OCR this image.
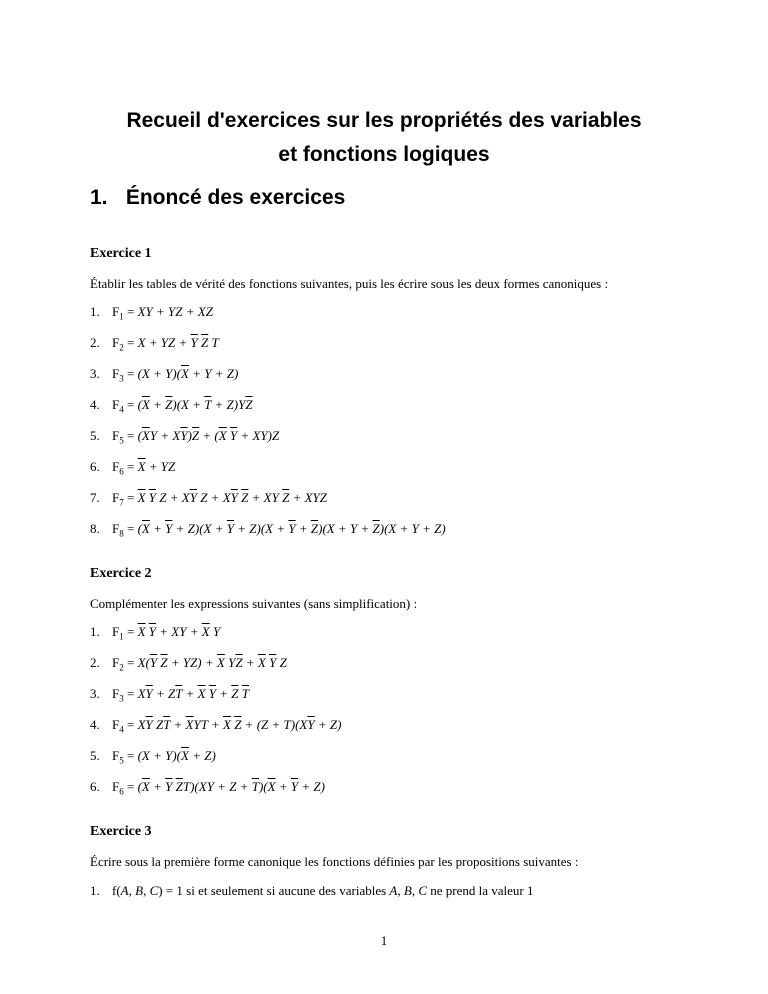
Recueil d'exercices sur les propriétés des variables
et fonctions logiques
1. Énoncé des exercices
Exercice 1
Établir les tables de vérité des fonctions suivantes, puis les écrire sous les deux formes canoniques :
1. $F_1$ = XY + YZ + XZ
2. $F_2 = X$ + YZ + $\overline{Y}$ $\overline{Z}$ T
3. $F_3 = (X + Y)(\overline{X} + Y + Z)$
4. $F_4 = (\overline{X} + \overline{Z})(X + \overline{T} + Z)Y\overline{Z}$
5. $F_5 = (\overline{X}Y + X\overline{Y})\overline{Z} + (\overline{X}$ $\overline{Y} + XY)Z$
6. $F_6 = \overline{X}$ + YZ
7. $F_7 = \overline{X}$ $\overline{Y}$ $Z + X\overline{Y}$ $Z + X\overline{Y}$ $\overline{Z}$ + XY $\overline{Z}$ + XYZ
8. $F_8 = (\overline{X} + \overline{Y} + Z)(X + \overline{Y} + Z)(X + \overline{Y} + \overline{Z})(X + Y + \overline{Z})(X + Y + Z)$
Exercice 2
Complémenter les expressions suivantes (sans simplification) :
1. $F_1 = \overline{X}$ $\overline{Y}$ + XY + $\overline{X}$ Y
2. $F_2 = X(\overline{Y}$ $\overline{Z} + YZ) + \overline{X}$ $Y\overline{Z} + \overline{X}$ $\overline{Y}$ Z
3. $F_3 = X\overline{Y} + Z\overline{T} + \overline{X}$ $\overline{Y} + \overline{Z}$ $\overline{T}$
4. $F_4 = X\overline{Y}$ $Z\overline{T} + \overline{X}YT + \overline{X}$ $\overline{Z} + (Z + T)(X\overline{Y} + Z)$
5. $F_5 = (X + Y)(\overline{X} + Z)$
6. $F_6 = (\overline{X} + \overline{Y}$ $\overline{Z}T)(XY + Z + \overline{T})(\overline{X} + \overline{Y} + Z)$
Exercice 3
Écrire sous la première forme canonique les fonctions définies par les propositions suivantes :
1. f(A, B, C) = 1 si et seulement si aucune des variables A, B, C ne prend la valeur 1
1
